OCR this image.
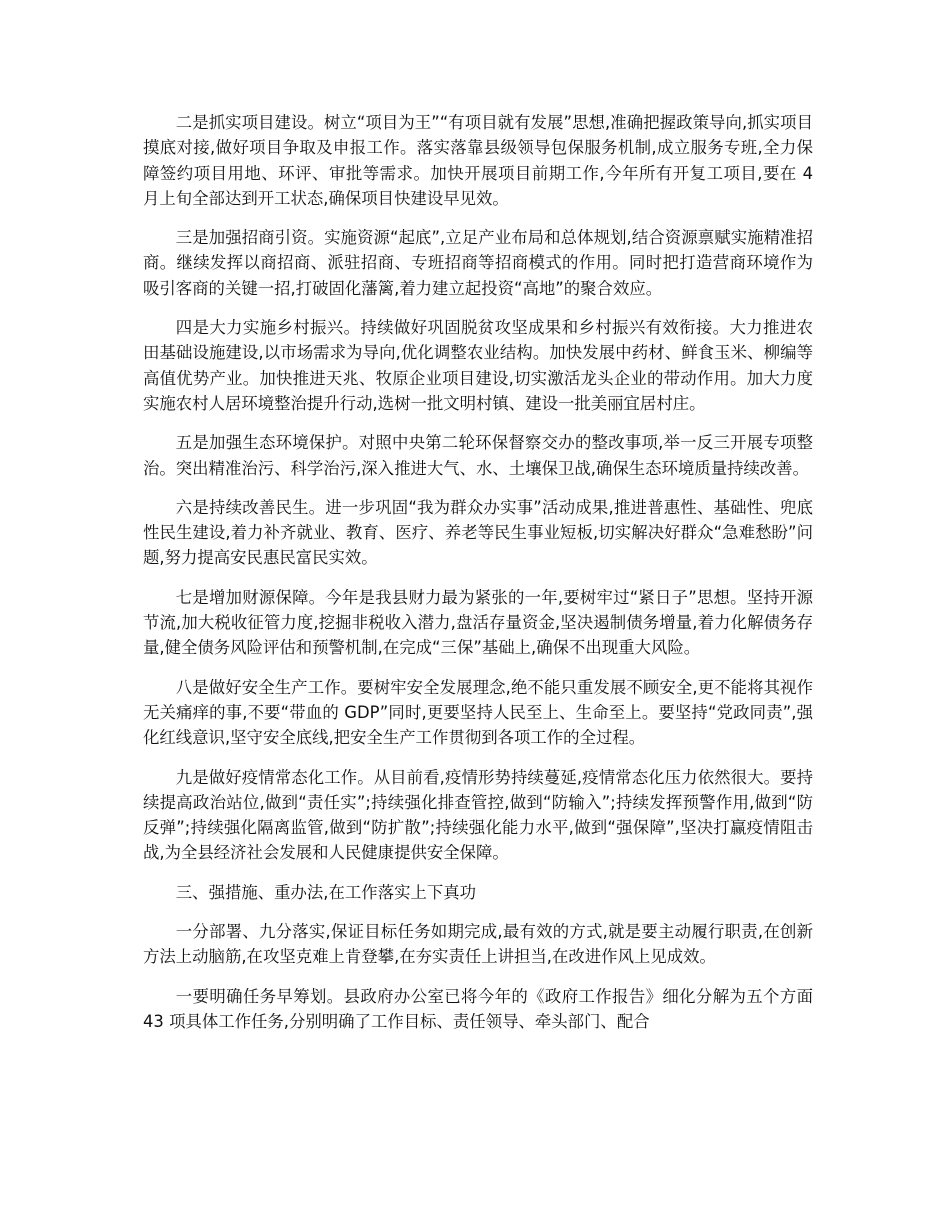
二是抓实项目建设。树立“项目为王”“有项目就有发展”思想,准确把握政策导向,抓实项目摸底对接,做好项目争取及申报工作。落实落靠县级领导包保服务机制,成立服务专班,全力保障签约项目用地、环评、审批等需求。加快开展项目前期工作,今年所有开复工项目,要在 4 月上旬全部达到开工状态,确保项目快建设早见效。

三是加强招商引资。实施资源“起底”,立足产业布局和总体规划,结合资源禀赋实施精准招商。继续发挥以商招商、派驻招商、专班招商等招商模式的作用。同时把打造营商环境作为吸引客商的关键一招,打破固化藩篱,着力建立起投资“高地”的聚合效应。

四是大力实施乡村振兴。持续做好巩固脱贫攻坚成果和乡村振兴有效衔接。大力推进农田基础设施建设,以市场需求为导向,优化调整农业结构。加快发展中药材、鲜食玉米、柳编等高值优势产业。加快推进天兆、牧原企业项目建设,切实激活龙头企业的带动作用。加大力度实施农村人居环境整治提升行动,选树一批文明村镇、建设一批美丽宜居村庄。

五是加强生态环境保护。对照中央第二轮环保督察交办的整改事项,举一反三开展专项整治。突出精准治污、科学治污,深入推进大气、水、土壤保卫战,确保生态环境质量持续改善。

六是持续改善民生。进一步巩固“我为群众办实事”活动成果,推进普惠性、基础性、兜底性民生建设,着力补齐就业、教育、医疗、养老等民生事业短板,切实解决好群众“急难愁盼”问题,努力提高安民惠民富民实效。

七是增加财源保障。今年是我县财力最为紧张的一年,要树牢过“紧日子”思想。坚持开源节流,加大税收征管力度,挖掘非税收入潜力,盘活存量资金,坚决遏制债务增量,着力化解债务存量,健全债务风险评估和预警机制,在完成“三保”基础上,确保不出现重大风险。

八是做好安全生产工作。要树牢安全发展理念,绝不能只重发展不顾安全,更不能将其视作无关痛痒的事,不要“带血的 GDP”同时,更要坚持人民至上、生命至上。要坚持“党政同责”,强化红线意识,坚守安全底线,把安全生产工作贯彻到各项工作的全过程。

九是做好疫情常态化工作。从目前看,疫情形势持续蔓延,疫情常态化压力依然很大。要持续提高政治站位,做到“责任实”;持续强化排查管控,做到“防输入”;持续发挥预警作用,做到“防反弹”;持续强化隔离监管,做到“防扩散”;持续强化能力水平,做到“强保障”,坚决打赢疫情阻击战,为全县经济社会发展和人民健康提供安全保障。

三、强措施、重办法,在工作落实上下真功

一分部署、九分落实,保证目标任务如期完成,最有效的方式,就是要主动履行职责,在创新方法上动脑筋,在攻坚克难上肯登攀,在夯实责任上讲担当,在改进作风上见成效。

一要明确任务早筹划。县政府办公室已将今年的《政府工作报告》细化分解为五个方面 43 项具体工作任务,分别明确了工作目标、责任领导、牵头部门、配合
